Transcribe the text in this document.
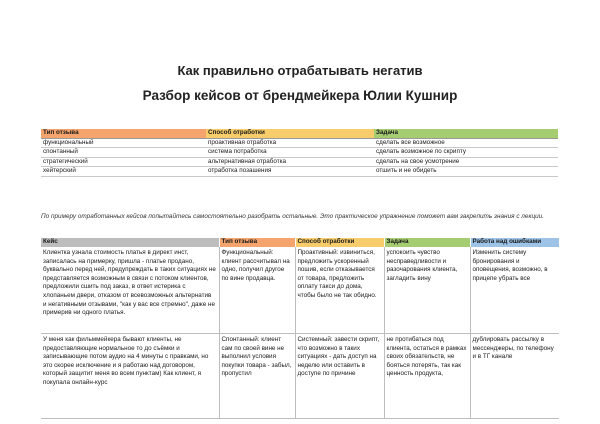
Как правильно отрабатывать негатив
Разбор кейсов от брендмейкера Юлии Кушнир
Тип отзыва	Способ отработки	Задача
функциональный	проактивная отработка	сделать все возможное
спонтанный	система потработка	сделать возможное по скрипту
стратегический	альтернативная отработка	сделать на свое усмотрение
хейтерский	отработка позашения	отшить и не обидеть
По примеру отработанных кейсов попытайтесь самостоятельно разобрать остальные. Это практическое упражнение поможет вам закрепить знания с лекции.
Кейс	Тип отзыва	Способ отработки	Задача	Работа над ошибками
Клиентка узнала стоимость платья в директ инст, записалась на примерку, пришла - платье продано, буквально перед ней, предупреждать в таких ситуациях не представляется возможным в связи с потоком клиентов, предложили сшить под заказ, в ответ истерика с хлопаньем двери, отказом от всевозможных альтернатив и негативными отзывами, "как у вас все стремно", даже не примерив ни одного платья.	Функциональный: клиент рассчитывал на одно, получил другое по вине продавца.	Проактивный: извиниться, предложить ускоренный пошив, если отказывается от товара, предложить оплату такси до дома, чтобы было не так обидно.	успокоить чувство несправедливости и разочарования клиента, загладить вину	Изменить систему бронирования и оповещения, возможно, в прицепе убрать все
У меня как фильммейкера бывают клиенты, не предоставляющие нормальное то до съёмки и записывающие потом аудио на 4 минуты с правками, но это скорее исключение и я работаю над договором, который защитит меня во всем пунктам) Как клиент, я покупала онлайн-курс	Спонтанный: клиент сам по своей вине не выполнил условия покупки товара - забыл, пропустил	Системный: завести скрипт, что возможно в таких ситуациях - дать доступ на неделю или оставить в доступе по причине	не протибаться под клиента, остаться в рамках своих обязательств, не бояться потерять, так как ценность продукта,	дублировать рассылку в мессенджеры, по телефону и в ТГ канале
